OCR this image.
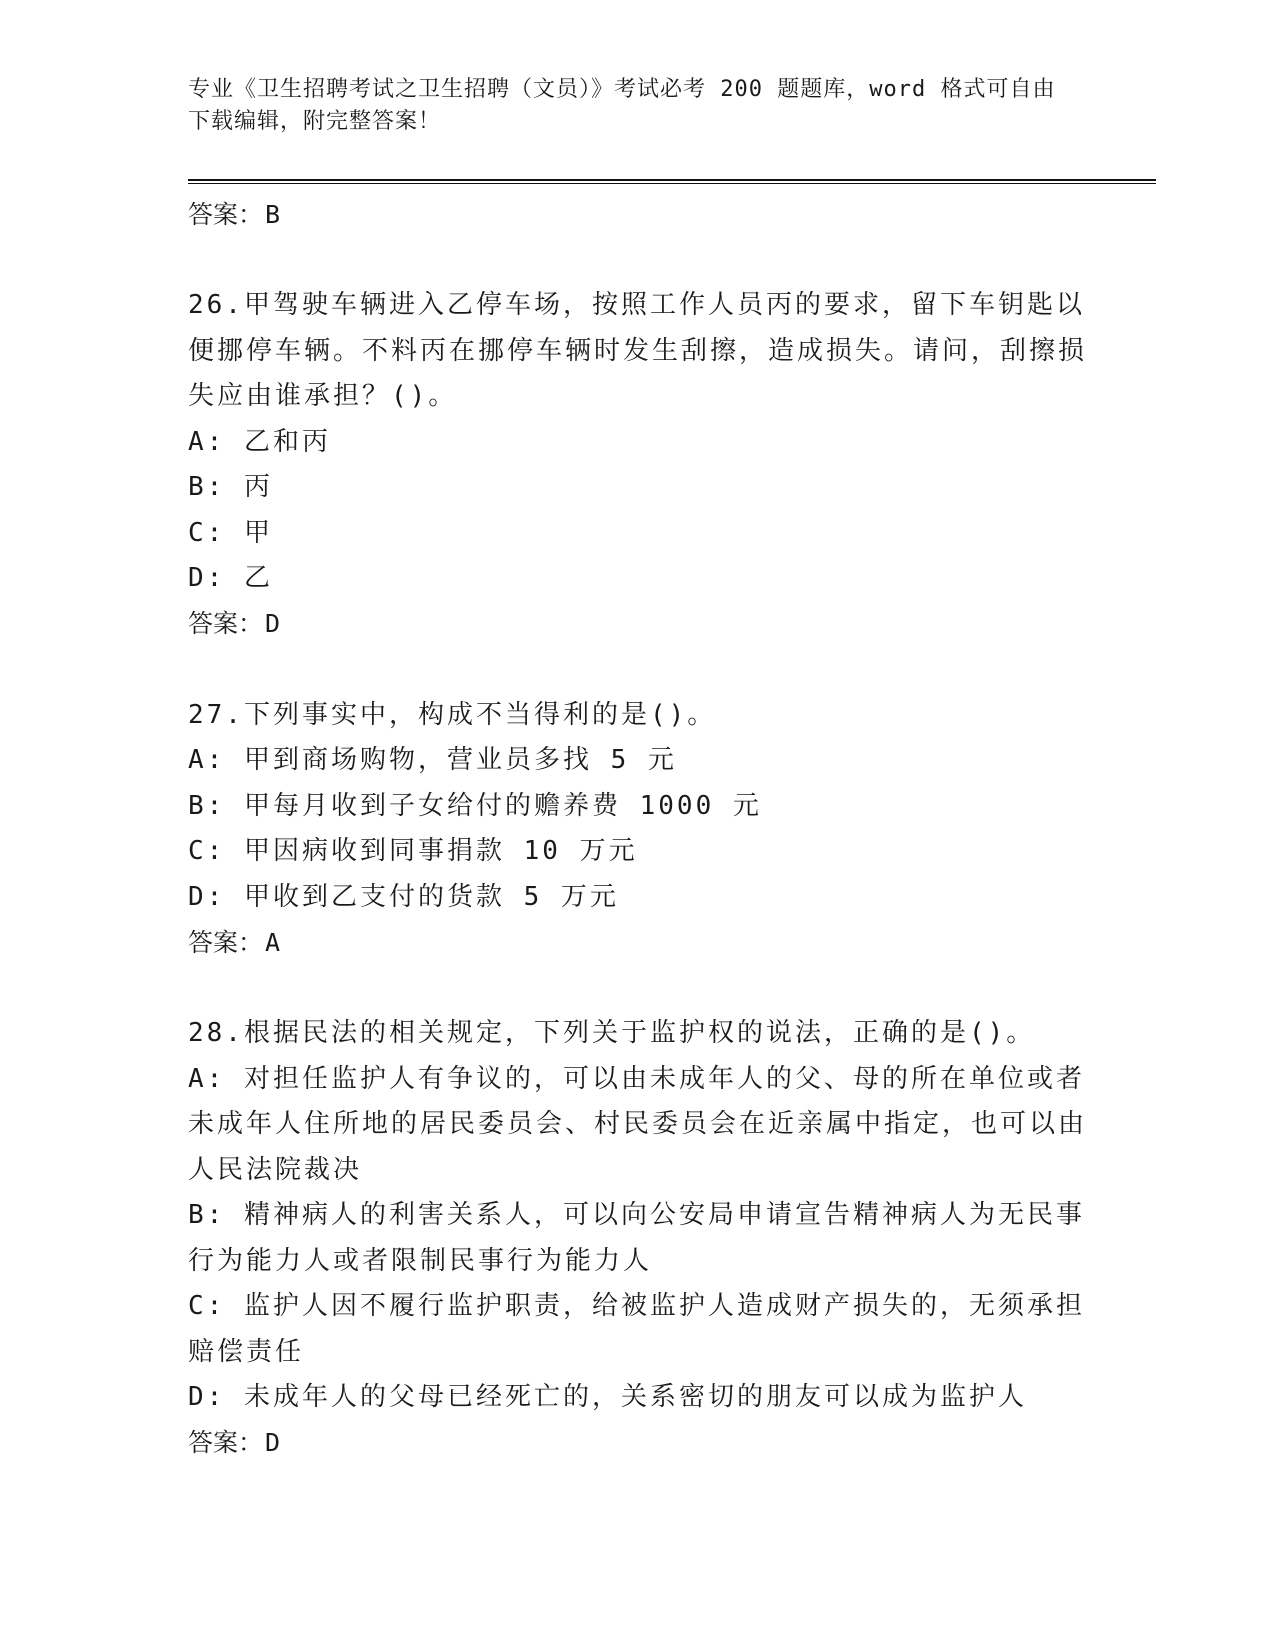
专业《卫生招聘考试之卫生招聘（文员）》考试必考 200 题题库，word 格式可自由下载编辑，附完整答案！
答案： B

26.甲驾驶车辆进入乙停车场，按照工作人员丙的要求，留下车钥匙以便挪停车辆。不料丙在挪停车辆时发生刮擦，造成损失。请问，刮擦损失应由谁承担？()。

A: 乙和丙

B: 丙

C: 甲

D: 乙

答案： D

27.下列事实中，构成不当得利的是()。

A: 甲到商场购物，营业员多找 5 元

B: 甲每月收到子女给付的赡养费 1000 元

C: 甲因病收到同事捐款 10 万元

D: 甲收到乙支付的货款 5 万元

答案： A

28.根据民法的相关规定，下列关于监护权的说法，正确的是()。

A: 对担任监护人有争议的，可以由未成年人的父、母的所在单位或者未成年人住所地的居民委员会、村民委员会在近亲属中指定，也可以由人民法院裁决

B: 精神病人的利害关系人，可以向公安局申请宣告精神病人为无民事行为能力人或者限制民事行为能力人

C: 监护人因不履行监护职责，给被监护人造成财产损失的，无须承担赔偿责任

D: 未成年人的父母已经死亡的，关系密切的朋友可以成为监护人

答案： D
